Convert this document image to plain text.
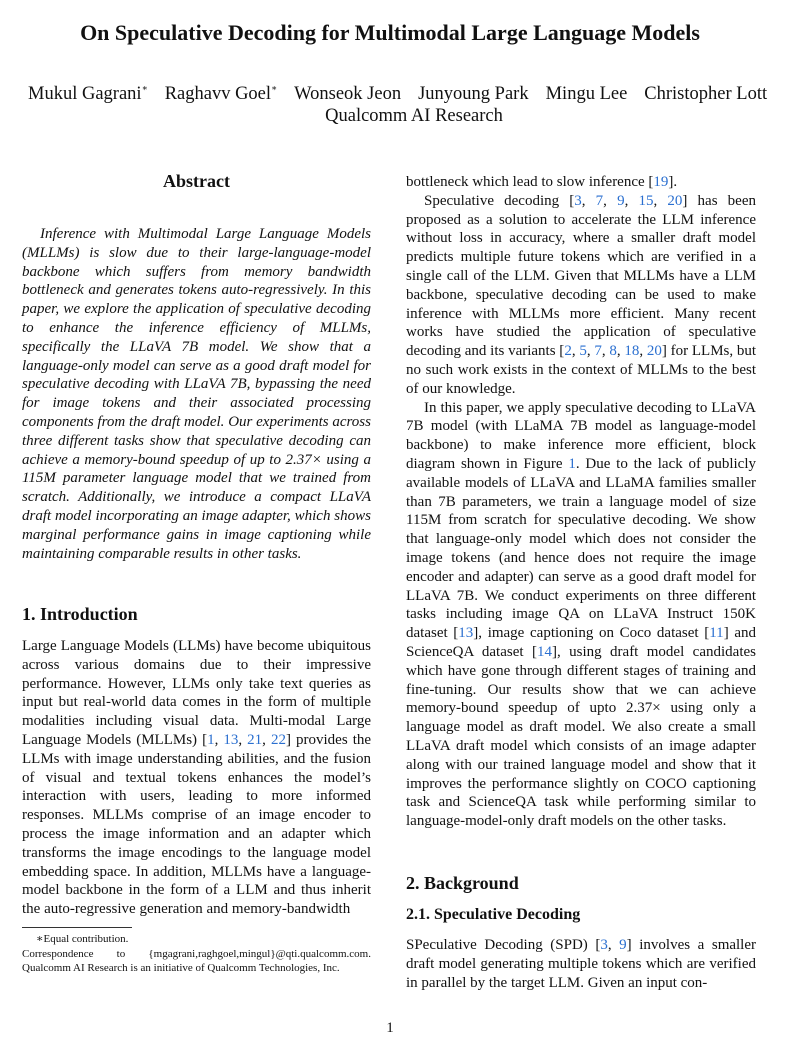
On Speculative Decoding for Multimodal Large Language Models
Mukul Gagrani∗ Raghavv Goel∗ Wonseok Jeon Junyoung Park Mingu Lee Christopher Lott
Qualcomm AI Research
Abstract

Inference with Multimodal Large Language Models (MLLMs) is slow due to their large-language-model backbone which suffers from memory bandwidth bottleneck and generates tokens auto-regressively. In this paper, we explore the application of speculative decoding to enhance the inference efficiency of MLLMs, specifically the LLaVA 7B model. We show that a language-only model can serve as a good draft model for speculative decoding with LLaVA 7B, bypassing the need for image tokens and their associated processing components from the draft model. Our experiments across three different tasks show that speculative decoding can achieve a memory-bound speedup of up to 2.37× using a 115M parameter language model that we trained from scratch. Additionally, we introduce a compact LLaVA draft model incorporating an image adapter, which shows marginal performance gains in image captioning while maintaining comparable results in other tasks.

1. Introduction

Large Language Models (LLMs) have become ubiquitous across various domains due to their impressive performance. However, LLMs only take text queries as input but real-world data comes in the form of multiple modalities including visual data. Multi-modal Large Language Models (MLLMs) [1, 13, 21, 22] provides the LLMs with image understanding abilities, and the fusion of visual and textual tokens enhances the model’s interaction with users, leading to more informed responses. MLLMs comprise of an image encoder to process the image information and an adapter which transforms the image encodings to the language model embedding space. In addition, MLLMs have a language-model backbone in the form of a LLM and thus inherit the auto-regressive generation and memory-bandwidth

bottleneck which lead to slow inference [19].

Speculative decoding [3, 7, 9, 15, 20] has been proposed as a solution to accelerate the LLM inference without loss in accuracy, where a smaller draft model predicts multiple future tokens which are verified in a single call of the LLM. Given that MLLMs have a LLM backbone, speculative decoding can be used to make inference with MLLMs more efficient. Many recent works have studied the application of speculative decoding and its variants [2, 5, 7, 8, 18, 20] for LLMs, but no such work exists in the context of MLLMs to the best of our knowledge.

In this paper, we apply speculative decoding to LLaVA 7B model (with LLaMA 7B model as language-model backbone) to make inference more efficient, block diagram shown in Figure 1. Due to the lack of publicly available models of LLaVA and LLaMA families smaller than 7B parameters, we train a language model of size 115M from scratch for speculative decoding. We show that language-only model which does not consider the image tokens (and hence does not require the image encoder and adapter) can serve as a good draft model for LLaVA 7B. We conduct experiments on three different tasks including image QA on LLaVA Instruct 150K dataset [13], image captioning on Coco dataset [11] and ScienceQA dataset [14], using draft model candidates which have gone through different stages of training and fine-tuning. Our results show that we can achieve memory-bound speedup of upto 2.37× using only a language model as draft model. We also create a small LLaVA draft model which consists of an image adapter along with our trained language model and show that it improves the performance slightly on COCO captioning task and ScienceQA task while performing similar to language-model-only draft models on the other tasks.

2. Background
2.1. Speculative Decoding

SPeculative Decoding (SPD) [3, 9] involves a smaller draft model generating multiple tokens which are verified in parallel by the target LLM. Given an input con-

∗Equal contribution.
Correspondence to {mgagrani,raghgoel,mingul}@qti.qualcomm.com. Qualcomm AI Research is an initiative of Qualcomm Technologies, Inc.
1
